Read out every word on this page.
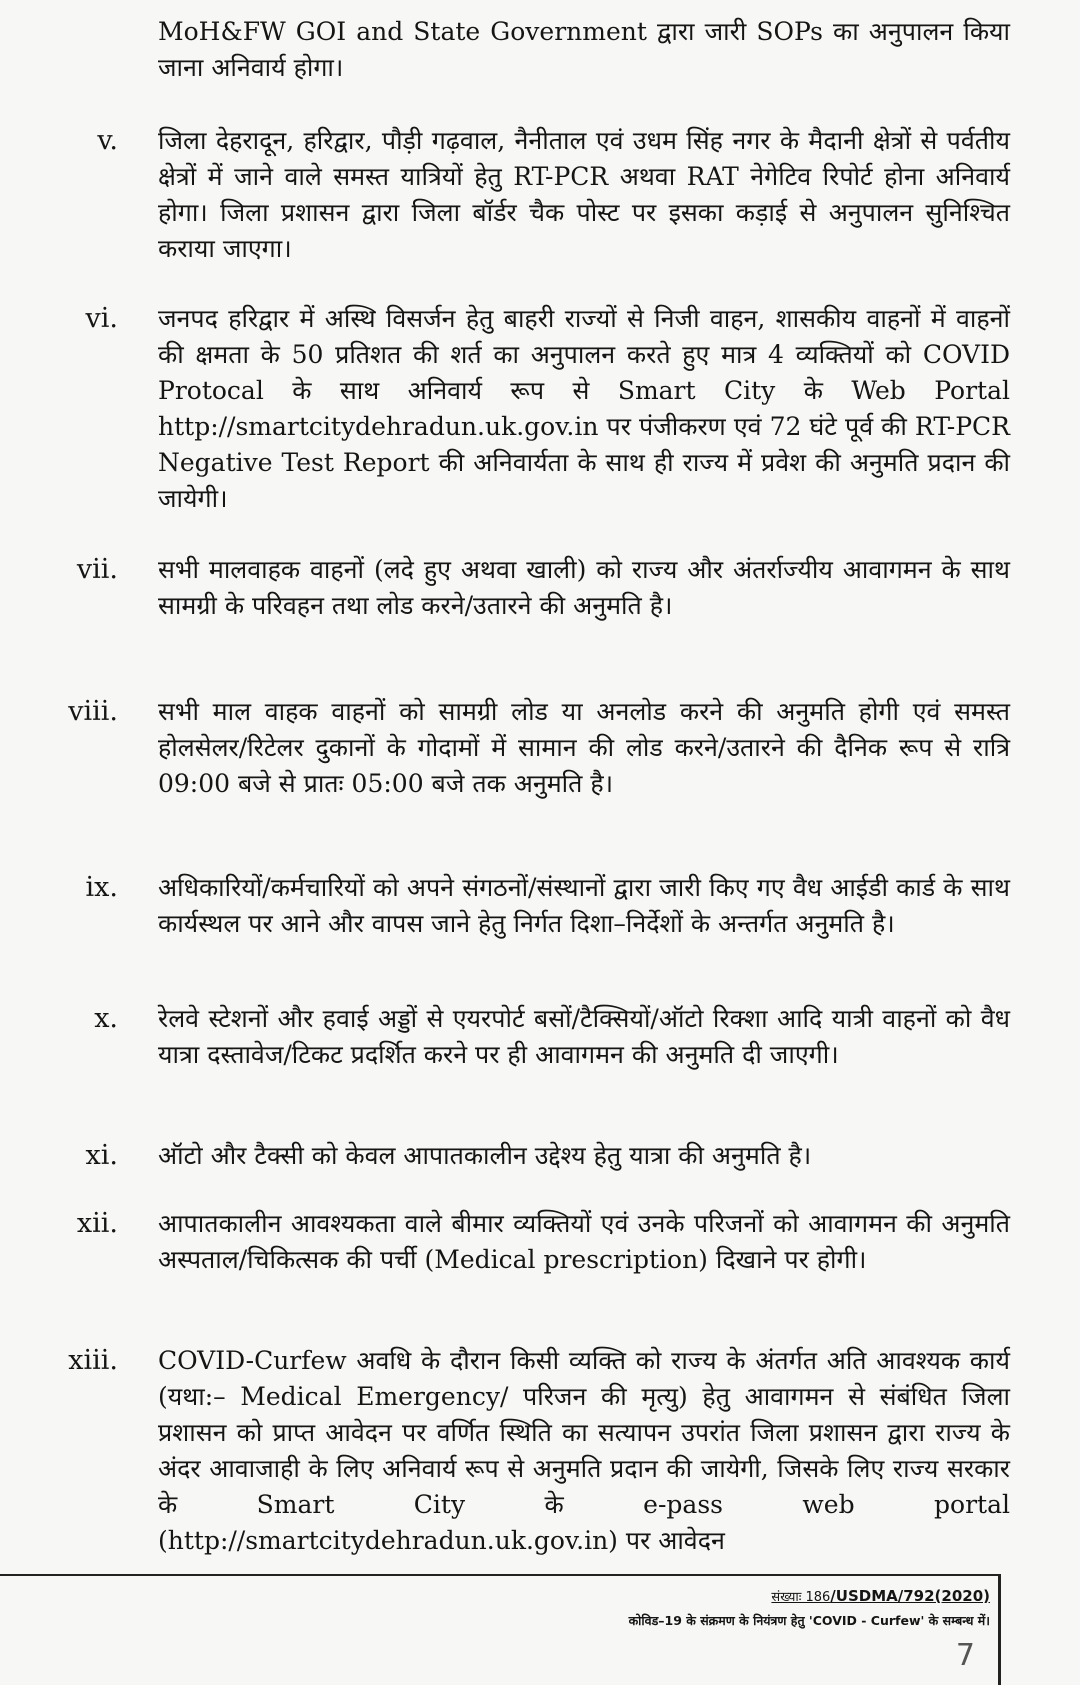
MoH&FW GOI and State Government द्वारा जारी SOPs का अनुपालन किया जाना अनिवार्य होगा।

v. जिला देहरादून, हरिद्वार, पौड़ी गढ़वाल, नैनीताल एवं उधम सिंह नगर के मैदानी क्षेत्रों से पर्वतीय क्षेत्रों में जाने वाले समस्त यात्रियों हेतु RT-PCR अथवा RAT नेगेटिव रिपोर्ट होना अनिवार्य होगा। जिला प्रशासन द्वारा जिला बॉर्डर चैक पोस्ट पर इसका कड़ाई से अनुपालन सुनिश्चित कराया जाएगा।

vi. जनपद हरिद्वार में अस्थि विसर्जन हेतु बाहरी राज्यों से निजी वाहन, शासकीय वाहनों में वाहनों की क्षमता के 50 प्रतिशत की शर्त का अनुपालन करते हुए मात्र 4 व्यक्तियों को COVID Protocal के साथ अनिवार्य रूप से Smart City के Web Portal http://smartcitydehradun.uk.gov.in पर पंजीकरण एवं 72 घंटे पूर्व की RT-PCR Negative Test Report की अनिवार्यता के साथ ही राज्य में प्रवेश की अनुमति प्रदान की जायेगी।

vii. सभी मालवाहक वाहनों (लदे हुए अथवा खाली) को राज्य और अंतर्राज्यीय आवागमन के साथ सामग्री के परिवहन तथा लोड करने/उतारने की अनुमति है।

viii. सभी माल वाहक वाहनों को सामग्री लोड या अनलोड करने की अनुमति होगी एवं समस्त होलसेलर/रिटेलर दुकानों के गोदामों में सामान की लोड करने/उतारने की दैनिक रूप से रात्रि 09:00 बजे से प्रातः 05:00 बजे तक अनुमति है।

ix. अधिकारियों/कर्मचारियों को अपने संगठनों/संस्थानों द्वारा जारी किए गए वैध आईडी कार्ड के साथ कार्यस्थल पर आने और वापस जाने हेतु निर्गत दिशा–निर्देशों के अन्तर्गत अनुमति है।

x. रेलवे स्टेशनों और हवाई अड्डों से एयरपोर्ट बसों/टैक्सियों/ऑटो रिक्शा आदि यात्री वाहनों को वैध यात्रा दस्तावेज/टिकट प्रदर्शित करने पर ही आवागमन की अनुमति दी जाएगी।

xi. ऑटो और टैक्सी को केवल आपातकालीन उद्देश्य हेतु यात्रा की अनुमति है।

xii. आपातकालीन आवश्यकता वाले बीमार व्यक्तियों एवं उनके परिजनों को आवागमन की अनुमति अस्पताल/चिकित्सक की पर्ची (Medical prescription) दिखाने पर होगी।

xiii. COVID-Curfew अवधि के दौरान किसी व्यक्ति को राज्य के अंतर्गत अति आवश्यक कार्य (यथा:– Medical Emergency/ परिजन की मृत्यु) हेतु आवागमन से संबंधित जिला प्रशासन को प्राप्त आवेदन पर वर्णित स्थिति का सत्यापन उपरांत जिला प्रशासन द्वारा राज्य के अंदर आवाजाही के लिए अनिवार्य रूप से अनुमति प्रदान की जायेगी, जिसके लिए राज्य सरकार के Smart City के e-pass web portal (http://smartcitydehradun.uk.gov.in) पर आवेदन

संख्याः 186/USDMA/792(2020)
कोविड–19 के संक्रमण के नियंत्रण हेतु 'COVID - Curfew' के सम्बन्ध में।
7
